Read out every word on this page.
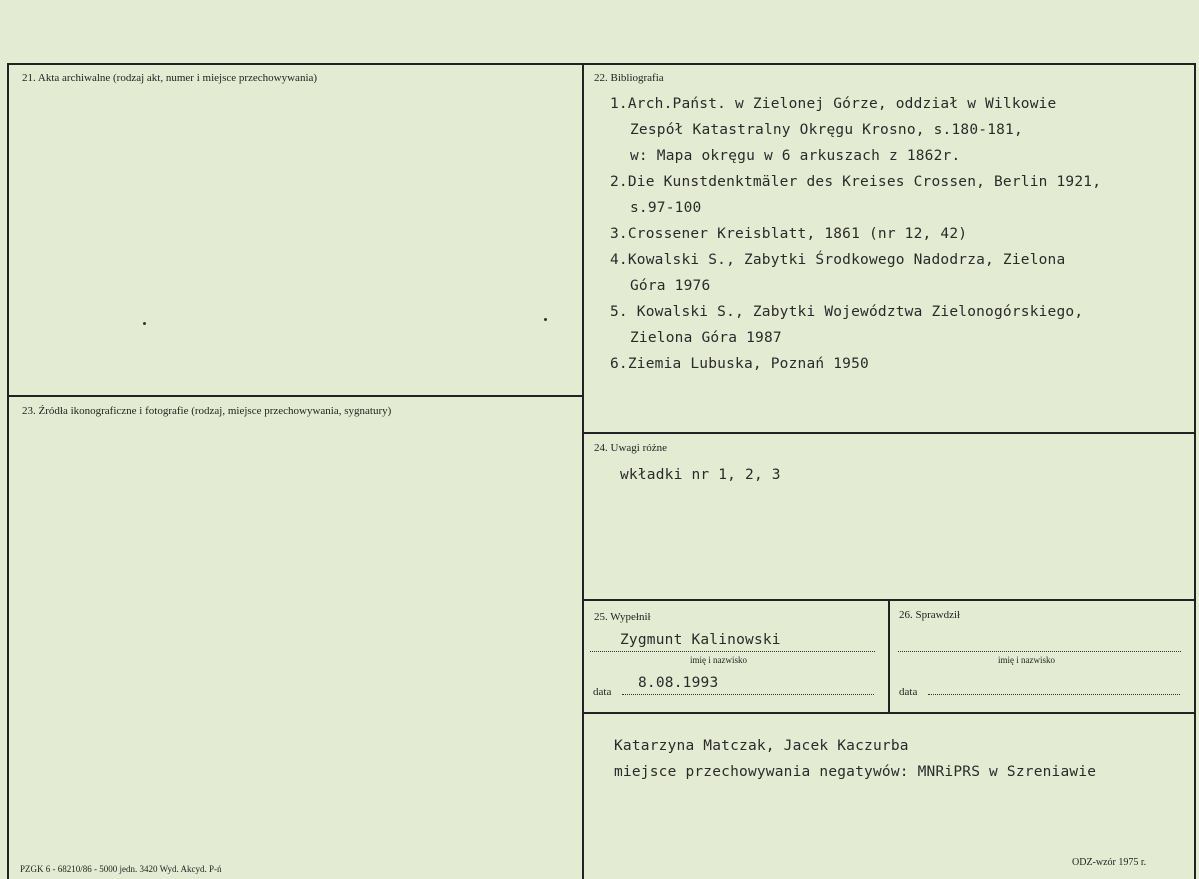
21. Akta archiwalne (rodzaj akt, numer i miejsce przechowywania)	22. Bibliografia
1.Arch.Państ. w Zielonej Górze, oddział w Wilkowie
Zespół Katastralny Okręgu Krosno, s.180-181,
w: Mapa okręgu w 6 arkuszach z 1862r.
2.Die Kunstdenktmäler des Kreises Crossen, Berlin 1921,
s.97-100
3.Crossener Kreisblatt, 1861 (nr 12, 42)
4.Kowalski S., Zabytki Środkowego Nadodrza, Zielona
Góra 1976
5. Kowalski S., Zabytki Województwa Zielonogórskiego,
Zielona Góra 1987
6.Ziemia Lubuska, Poznań 1950
23. Źródła ikonograficzne i fotografie (rodzaj, miejsce przechowywania, sygnatury)
24. Uwagi różne
wkładki nr 1, 2, 3
25. Wypełnił
Zygmunt Kalinowski
imię i nazwisko
8.08.1993
data
26. Sprawdził
imię i nazwisko
data
Katarzyna Matczak, Jacek Kaczurba
miejsce przechowywania negatywów: MNRiPRS w Szreniawie
PZGK 6 - 68210/86 - 5000 jedn. 3420 Wyd. Akcyd. P-ń
ODZ-wzór 1975 r.
